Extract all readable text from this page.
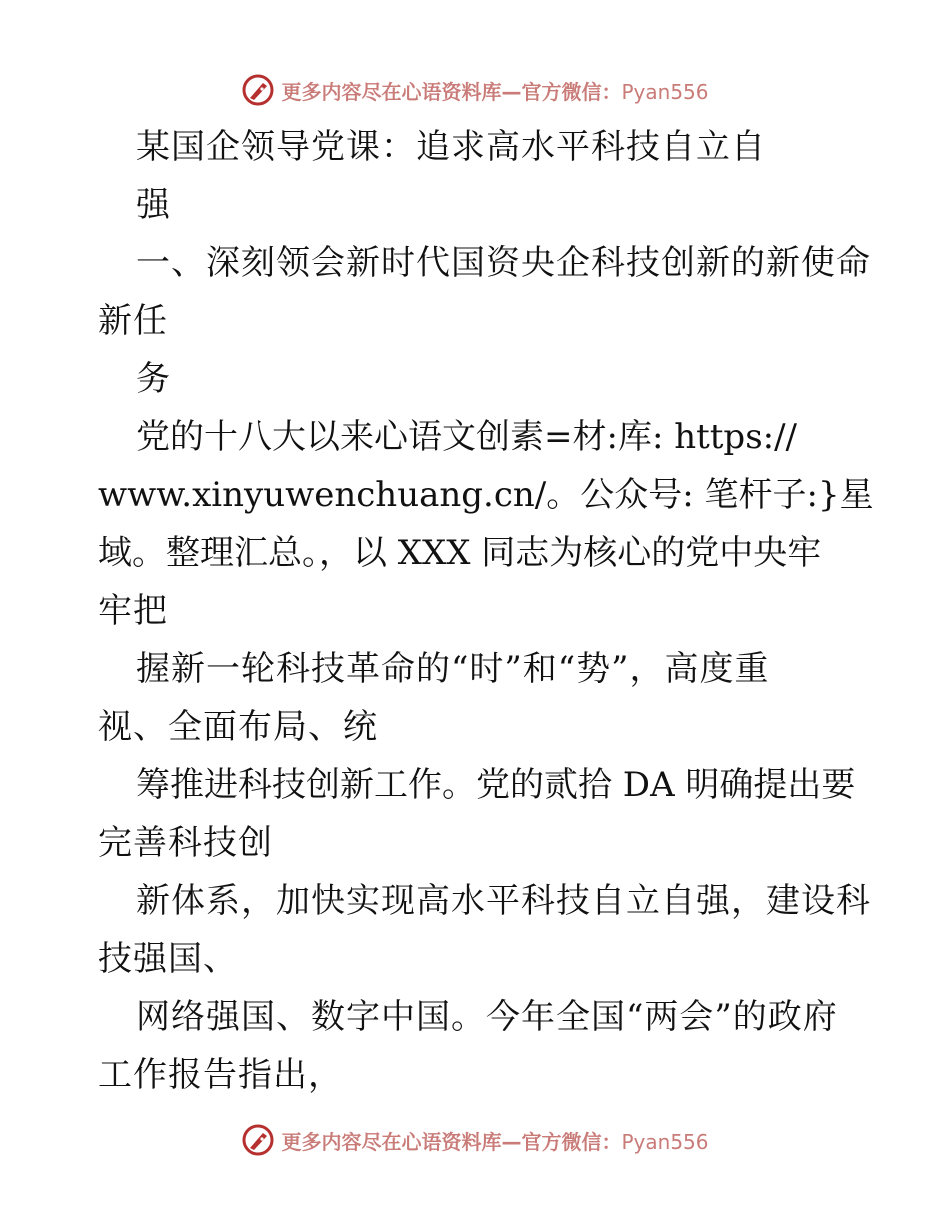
更多内容尽在心语资料库—官方微信：Pyan556
某国企领导党课：追求高水平科技自立自
强
一、深刻领会新时代国资央企科技创新的新使命
新任
务
党的十八大以来心语文创素=材:库: https://
www.xinyuwenchuang.cn/。公众号: 笔杆子:}星
域。整理汇总。，以 XXX 同志为核心的党中央牢
牢把
握新一轮科技革命的“时”和“势”，高度重
视、全面布局、统
筹推进科技创新工作。党的贰拾 DA 明确提出要
完善科技创
新体系，加快实现高水平科技自立自强，建设科
技强国、
网络强国、数字中国。今年全国“两会”的政府
工作报告指出，
更多内容尽在心语资料库—官方微信：Pyan556
